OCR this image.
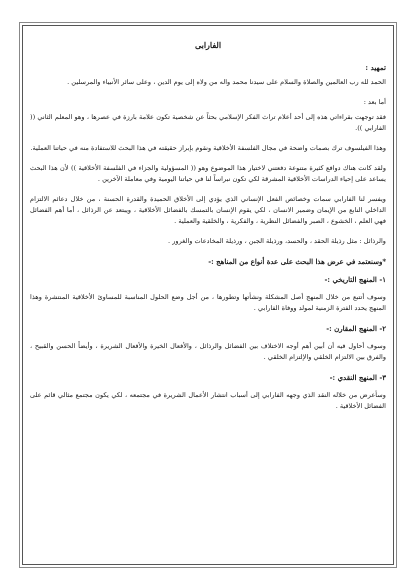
الفارابى
تمهيد :

الحمد لله رب العالمين والصلاة والسلام على سيدنا محمد واله من ولاه إلى يوم الدين ، وعلى سائر الأنبياء والمرسلين .

أما بعد :

فقد توجهت بقراءاتي هذه إلى أحد أعلام تراث الفكر الإسلامي بحثاً عن شخصية تكون علامة بارزة في عصرها ، وهو المعلم الثاني (( الفارابي )).

وهذا الفيلسوف ترك بصمات واضحة في مجال الفلسفة الأخلاقية ونقوم بإبراز حقيقته في هذا البحث للاستفادة منه في حياتنا العملية.

ولقد كانت هناك دوافع كثيرة متنوعة دفعتني لاختيار هذا الموضوع وهو (( المسؤولية والجزاء في الفلسفة الأخلاقية )) لأن هذا البحث يساعد على إحياء الدراسات الأخلاقية المشرقة لكي تكون نبراساً لنا في حياتنا اليومية وفي معاملة الآخرين .

ويفسر لنا الفارابي سمات وخصائص الفعل الإنساني الذي يؤدي إلى الأخلاق الحميدة والقدرة الحسنة ، من خلال دعائم الالتزام الداخلي النابع من الإيمان وضمير الانسان ، لكي يقوم الإنسان بالتمسك بالفضائل الأخلاقية ، ويبتعد عن الرذائل ، أما أهم الفضائل فهي العلم ، الخشوع ، الصبر والفضائل النظرية ، والفكرية ، والخلقية والعملية .

والرذائل : مثل رذيلة الحقد ، والحسد، ورذيلة الجبن ، ورذيلة المخادعات والغرور .

*وسنعتمد في عرض هذا البحث على عدة أنواع من المناهج :-

١- المنهج التاريخي :-

وسوف أتتبع من خلال المنهج أصل المشكلة ونشأتها وتطورها ، من أجل وضع الحلول المناسبة للمساوئ الأخلاقية المنتشرة وهذا المنهج يحدد الفترة الزمنية لمولد ووفاة الفارابي .

٢- المنهج المقارن :-

وسوف أحاول فيه أن أبين أهم أوجه الاختلاف بين الفضائل والرذائل ، والأفعال الخيرة والأفعال الشريرة ، وأيضاً الحسن والقبيح ، والفرق بين الالتزام الخلقي والإلتزام الخلقي .

٣- المنهج النقدي :-

وسأعرض من خلاله النقد الذي وجهه الفارابي إلى أسباب انتشار الأعمال الشريرة في مجتمعه ، لكي يكون مجتمع مثالي قائم على الفضائل الأخلاقية .
